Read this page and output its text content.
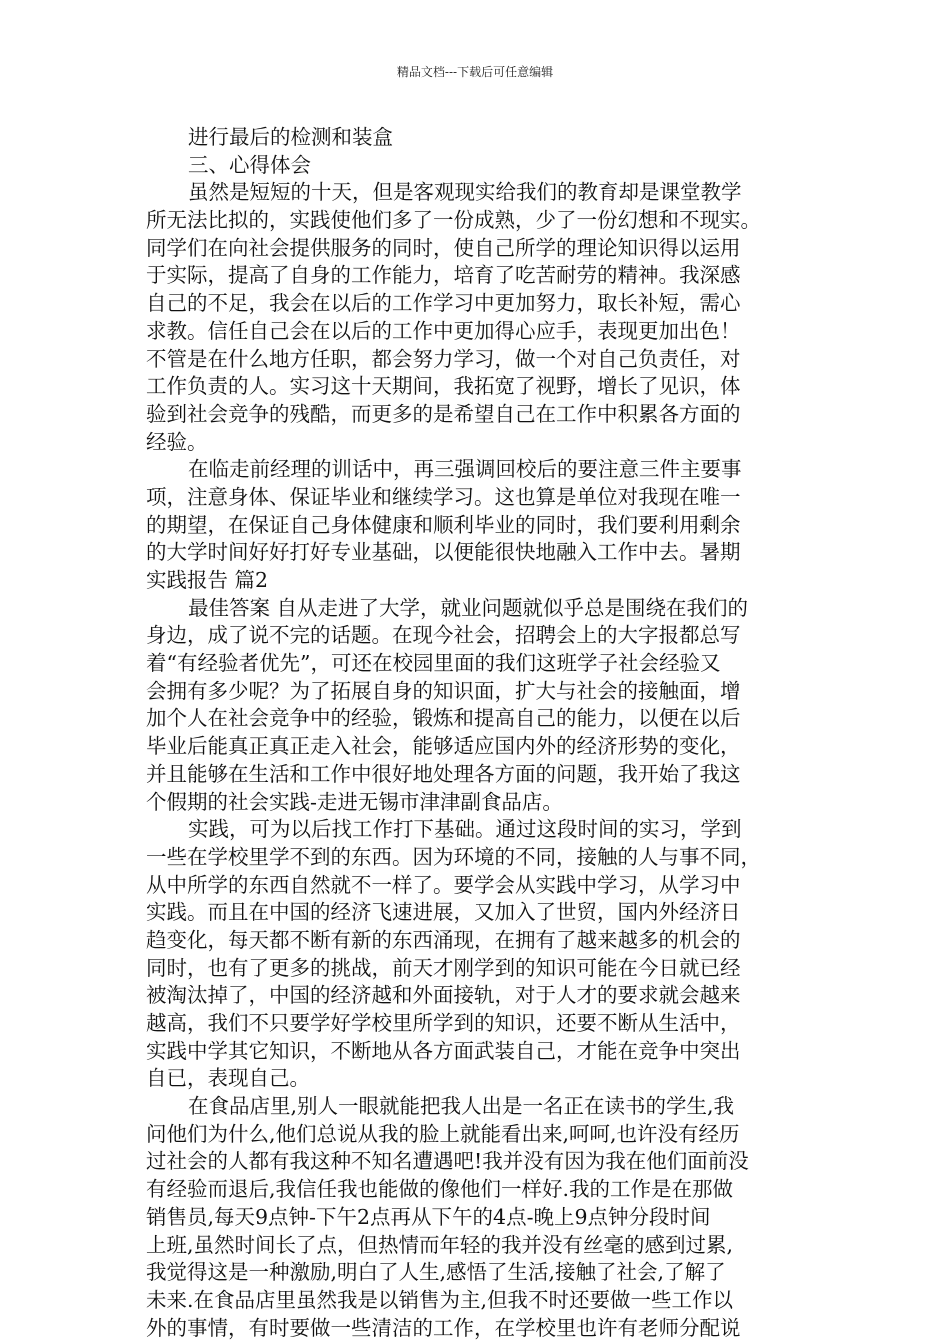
精品文档---下载后可任意编辑
进行最后的检测和装盒
三、心得体会
虽然是短短的十天，但是客观现实给我们的教育却是课堂教学
所无法比拟的，实践使他们多了一份成熟，少了一份幻想和不现实。
同学们在向社会提供服务的同时，使自己所学的理论知识得以运用
于实际，提高了自身的工作能力，培育了吃苦耐劳的精神。我深感
自己的不足，我会在以后的工作学习中更加努力，取长补短，需心
求教。信任自己会在以后的工作中更加得心应手，表现更加出色！
不管是在什么地方任职，都会努力学习，做一个对自己负责任，对
工作负责的人。实习这十天期间，我拓宽了视野，增长了见识，体
验到社会竞争的残酷，而更多的是希望自己在工作中积累各方面的
经验。
在临走前经理的训话中，再三强调回校后的要注意三件主要事
项，注意身体、保证毕业和继续学习。这也算是单位对我现在唯一
的期望，在保证自己身体健康和顺利毕业的同时，我们要利用剩余
的大学时间好好打好专业基础，以便能很快地融入工作中去。暑期
实践报告 篇2
最佳答案 自从走进了大学，就业问题就似乎总是围绕在我们的
身边，成了说不完的话题。在现今社会，招聘会上的大字报都总写
着“有经验者优先”，可还在校园里面的我们这班学子社会经验又
会拥有多少呢？为了拓展自身的知识面，扩大与社会的接触面，增
加个人在社会竞争中的经验，锻炼和提高自己的能力，以便在以后
毕业后能真正真正走入社会，能够适应国内外的经济形势的变化，
并且能够在生活和工作中很好地处理各方面的问题，我开始了我这
个假期的社会实践-走进无锡市津津副食品店。
实践，可为以后找工作打下基础。通过这段时间的实习，学到
一些在学校里学不到的东西。因为环境的不同，接触的人与事不同，
从中所学的东西自然就不一样了。要学会从实践中学习，从学习中
实践。而且在中国的经济飞速进展，又加入了世贸，国内外经济日
趋变化，每天都不断有新的东西涌现，在拥有了越来越多的机会的
同时，也有了更多的挑战，前天才刚学到的知识可能在今日就已经
被淘汰掉了，中国的经济越和外面接轨，对于人才的要求就会越来
越高，我们不只要学好学校里所学到的知识，还要不断从生活中，
实践中学其它知识，不断地从各方面武装自己，才能在竞争中突出
自已，表现自己。
在食品店里,别人一眼就能把我人出是一名正在读书的学生,我
问他们为什么,他们总说从我的脸上就能看出来,呵呵,也许没有经历
过社会的人都有我这种不知名遭遇吧!我并没有因为我在他们面前没
有经验而退后,我信任我也能做的像他们一样好.我的工作是在那做
销售员,每天9点钟-下午2点再从下午的4点-晚上9点钟分段时间
上班,虽然时间长了点，但热情而年轻的我并没有丝毫的感到过累,
我觉得这是一种激励,明白了人生,感悟了生活,接触了社会,了解了
未来.在食品店里虽然我是以销售为主,但我不时还要做一些工作以
外的事情，有时要做一些清洁的工作，在学校里也许有老师分配说
